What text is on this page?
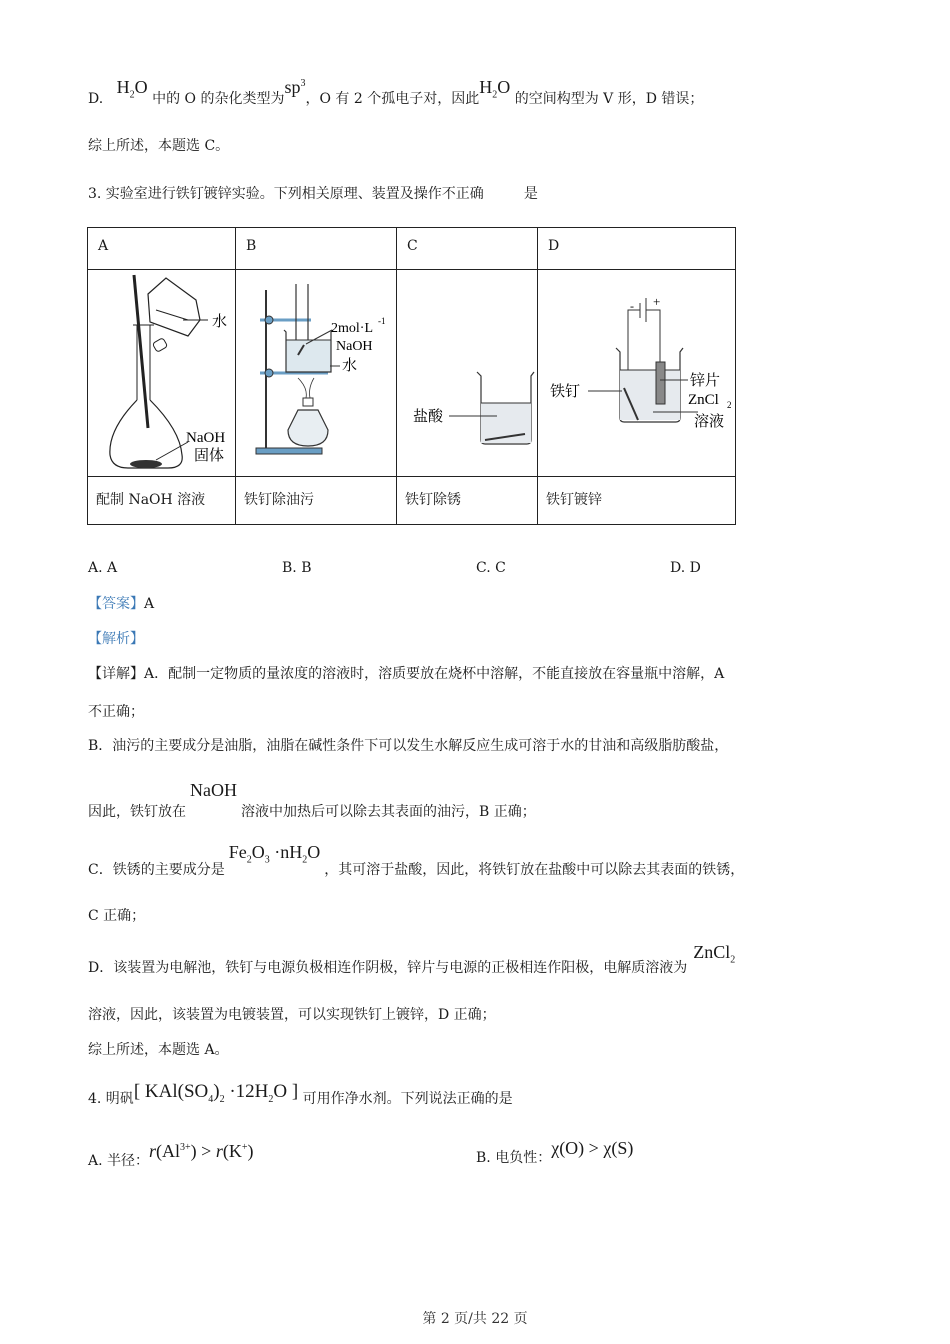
D.   $H_2O$ 中的 O 的杂化类型为$sp^3$，O 有 2 个孤电子对，因此$H_2O$ 的空间构型为 V 形，D 错误；
综上所述，本题选 C。
3. 实验室进行铁钉镀锌实验。下列相关原理、装置及操作不正确	是
A	B	C	D

水
NaOH
固体

2mol·L -1
NaOH
水

盐酸

- +
铁钉
锌片
ZnCl 2
溶液

配制 NaOH 溶液	铁钉除油污	铁钉除锈	铁钉镀锌
A. A	B. B	C. C	D. D
【答案】A
【解析】
【详解】A．配制一定物质的量浓度的溶液时，溶质要放在烧杯中溶解，不能直接放在容量瓶中溶解，A
不正确；
B．油污的主要成分是油脂，油脂在碱性条件下可以发生水解反应生成可溶于水的甘油和高级脂肪酸盐，
因此，铁钉放在NaOH溶液中加热后可以除去其表面的油污，B 正确；
C．铁锈的主要成分是$Fe_2O_3 \cdot nH_2O$，其可溶于盐酸，因此，将铁钉放在盐酸中可以除去其表面的铁锈，
C 正确；
D．该装置为电解池，铁钉与电源负极相连作阴极，锌片与电源的正极相连作阳极，电解质溶液为ZnCl$_2$
溶液，因此，该装置为电镀装置，可以实现铁钉上镀锌，D 正确；
综上所述，本题选 A。
4. 明矾[ $KAl(SO_4)_2 \cdot 12H_2O$ ] 可用作净水剂。下列说法正确的是
A. 半径：$r(Al^{3+}) > r(K^+)$	B. 电负性：χ(O) > χ(S)
第 2 页/共 22 页
